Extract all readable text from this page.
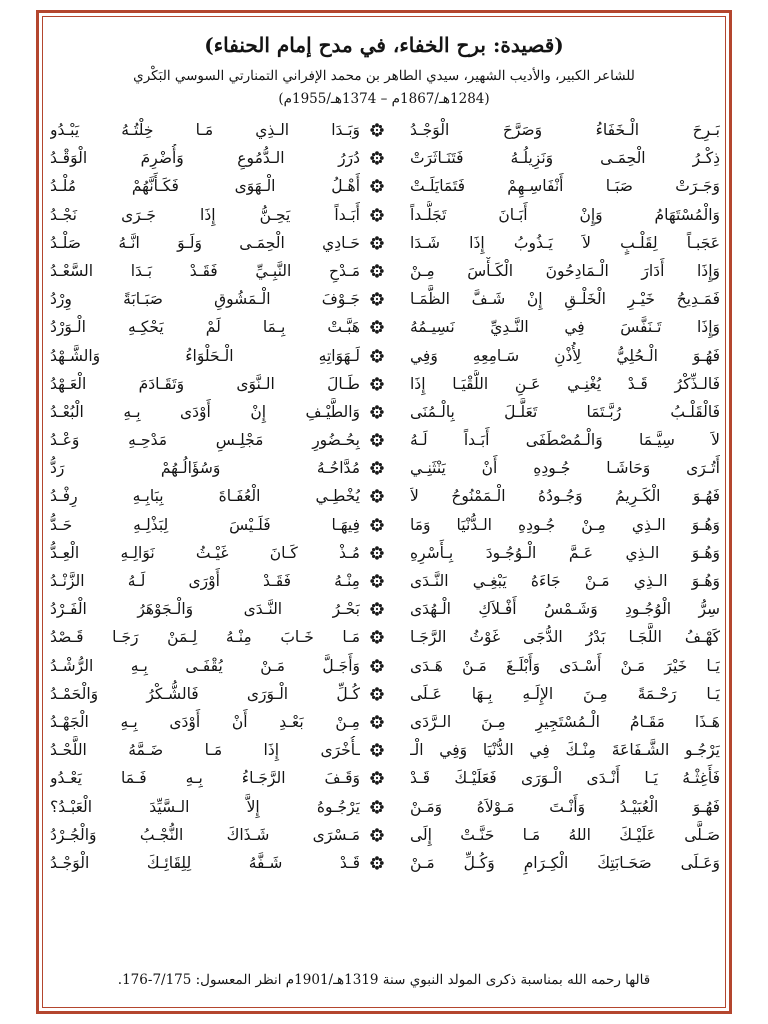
(قصيدة: برح الخفاء، في مدح إمام الحنفاء)
للشاعر الكبير، والأديب الشهير، سيدي الطاهر بن محمد الإفراني التمنارتي السوسي البَكْري
(1284هـ/1867م – 1374هـ/1955م)
بَـرِحَ الْـخَفَاءُ وَصَرَّحَ الْوَجْـدُ
وَبَـدَا الـذِي مَـا خِلْتُـهُ يَبْـدُو
ذِكْـرُ الْحِمَـى وَنَزِيلُـهُ فَتَنَـاثَرَتْ
دُرَرُ الـدُّمُوعِ وَأُضْرِمَ الْوَقْـدُ
وَجَـرَتْ صَبَـا أَنْفَاسِـهِمْ فَتَمَايَلَـتْ
أَهْـلُ الْـهَوَى فَكَـأَنَّهُمْ مُلْـدُ
وَالْمُسْتَهَامُ وَإِنْ أَبَـانَ تَجَلُّـداً
أَبَـداً يَحِـنُّ إِذَا جَـرَى نَجْـدُ
عَجَبـاً لِقَلْـبٍ لاَ يَـذُوبُ إِذَا شَـدَا
حَـادِي الْحِمَـى وَلَـوَ انَّـهُ صَلْـدُ
وَإِذَا أَدَارَ الْـمَادِحُونَ الْكَـأْسَ مِـنْ
مَـدْحِ النَّبِـيِّ فَقَـدْ بَـدَا السَّعْـدُ
فَمَـدِيحُ خَيْـرِ الْخَلْـقِ إِنْ شَـفَّ الظَّمَـا
جَـوْفَ الْـمَشُوقِ صَبَـابَةً وِرْدُ
وَإِذَا تَـنَفَّسَ فِي النَّـدِيِّ نَسِيـمُهُ
هَبَّـتْ بِـمَا لَمْ يَحْكِـهِ الْـوَرْدُ
فَهُـوَ الْـحُلِيُّ لِأُذْنِ سَـامِعِهِ وَفِي
لَـهَوَاتِهِ الْـحَلْوَاءُ وَالشَّـهْدُ
فَالـذِّكْرُ قَـدْ يُغْنِـي عَـنِ اللُّقْيَـا إِذَا
طَـالَ الـنَّوَى وَتَقَـادَمَ الْعَـهْدُ
فَالْقَلْـبُ رُبَّـتَمَا تَعَلَّـلَ بِالْـمُنَى
وَالطَّيْـفِ إِنْ أَوْدَى بِـهِ الْبُعْـدُ
لاَ سِيَّـمَا وَالْـمُصْطَفَى أَبَـداً لَـهُ
بِحُـضُورِ مَجْلِـسِ مَدْحِـهِ وَعْـدُ
أَتُـرَى وَحَاشَـا جُـودِهِ أَنْ يَنْثَنِـي
مُدَّاحُـهُ وَسُؤَالُـهُمْ رَدُّ
فَهُـوَ الْكَـرِيمُ وَجُـودُهُ الْـمَمْنُوحُ لاَ
يُخْطِـي الْعُفَـاةَ بِبَابِـهِ رِفْـدُ
وَهُـوَ الـذِي مِـنْ جُـودِهِ الـدُّنْيَا وَمَا
فِيهَـا فَلَـيْسَ لِبَذْلِـهِ حَـدُّ
وَهُـوَ الـذِي عَـمَّ الْـوُجُـودَ بِـأَسْرِهِ
مُـذْ كَـانَ غَيْـثُ نَوَالِـهِ الْعِـدُّ
وَهُـوَ الـذِي مَـنْ جَاءَهُ يَبْغِـي النَّـدَى
مِنْـهُ فَقَـدْ أَوْرَى لَـهُ الزَّنْـدُ
سِرُّ الْوُجُـودِ وَشَـمْسُ أَفْـلاَكِ الْـهُدَى
بَحْـرُ النَّـدَى وَالْـجَوْهَرُ الْفَـرْدُ
كَهْـفُ اللَّجَـا بَدْرُ الدُّجَى غَوْثُ الرَّجَـا
مَـا خَـابَ مِنْـهُ لِـمَنْ رَجَـا قَـصْدُ
يَـا خَيْرَ مَـنْ أَسْـدَى وَأَبْلَـغَ مَـنْ هَـدَى
وَأَجَـلَّ مَـنْ يُقْفَـى بِـهِ الرُّشْـدُ
يَـا رَحْـمَةً مِـنَ الإِلَـهِ بِـهَا عَـلَى
كُـلِّ الْـوَرَى فَالشُّـكْرُ وَالْحَمْـدُ
هَـذَا مَقَـامُ الْـمُسْتَجِيرِ مِـنَ الـرَّدَى
مِـنْ بَعْـدِ أَنْ أَوْدَى بِـهِ الْجَهْـدُ
يَرْجُـو الشَّـفَاعَةَ مِنْـكَ فِي الدُّنْيَا وَفِي الْـ
ـأُخْرَى إِذَا مَـا ضَـمَّهُ اللَّحْـدُ
فَأَغِثْـهُ يَـا أَنْـدَى الْـوَرَى فَعَلَيْـكَ قَـدْ
وَقَـفَ الرَّجَـاءُ بِـهِ فَـمَا يَعْـدُو
فَهُـوَ الْعُبَيْـدُ وَأَنْـتَ مَـوْلاَهُ وَمَـنْ
يَرْجُـوهُ إِلاَّ الـسَّيِّدَ الْعَبْـدُ؟
صَـلَّى عَلَيْـكَ اللهُ مَـا حَنَّـتْ إِلَى
مَـسْرَى شَـذَاكَ النُّجْـبُ وَالْجُـرْدُ
وَعَـلَى صَحَـابَتِكَ الْكِـرَامِ وَكُـلِّ مَـنْ
قَـدْ شَـفَّهُ لِلِقَائِـكَ الْوَجْـدُ
قالها رحمه الله بمناسبة ذكرى المولد النبوي سنة 1319هـ/1901م انظر المعسول: 7/175-176.
